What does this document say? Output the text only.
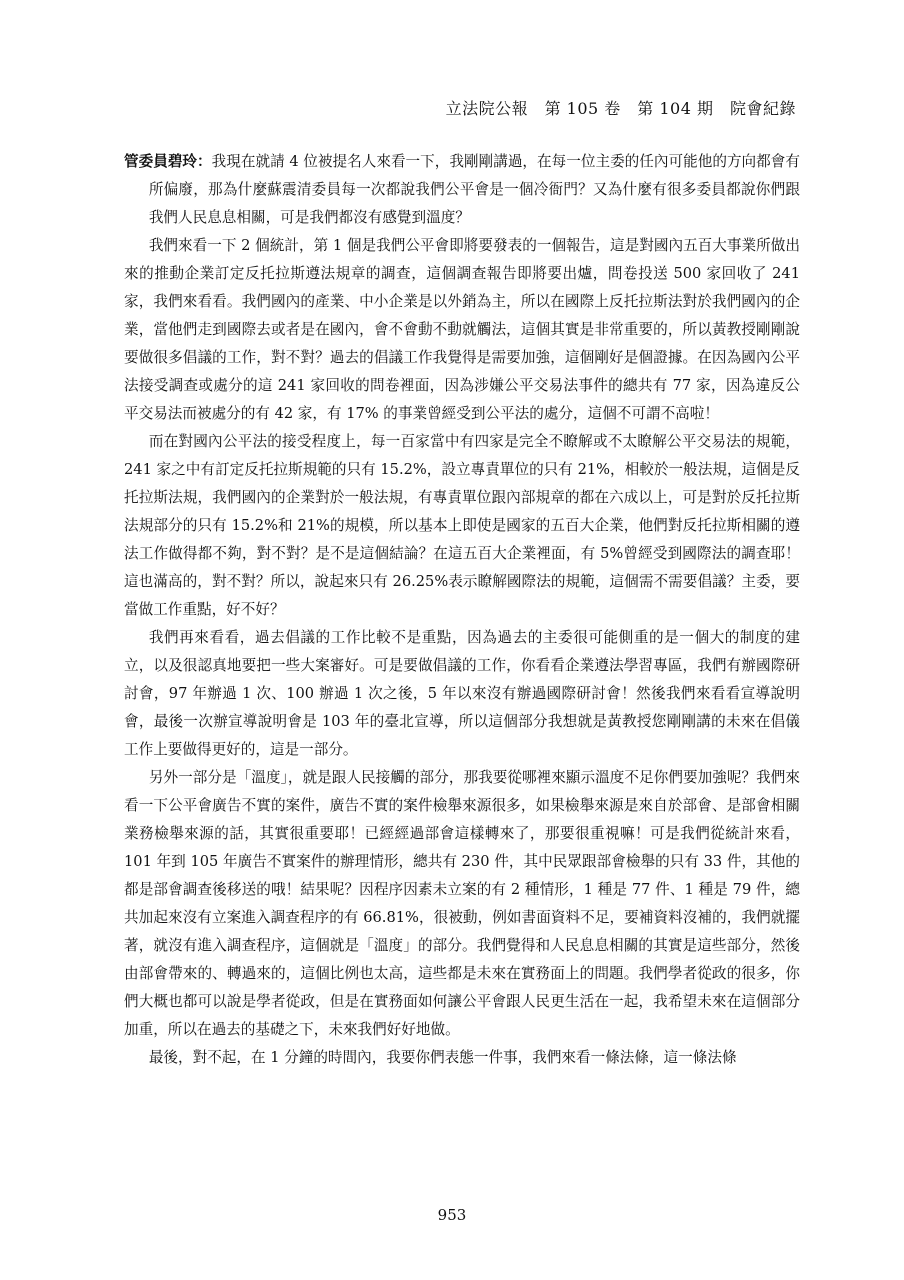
立法院公報　第 105 卷　第 104 期　院會紀錄

管委員碧玲：我現在就請 4 位被提名人來看一下，我剛剛講過，在每一位主委的任內可能他的方向都會有所偏廢，那為什麼蘇震清委員每一次都說我們公平會是一個冷衙門？又為什麼有很多委員都說你們跟我們人民息息相關，可是我們都沒有感覺到溫度？

我們來看一下 2 個統計，第 1 個是我們公平會即將要發表的一個報告，這是對國內五百大事業所做出來的推動企業訂定反托拉斯遵法規章的調查，這個調查報告即將要出爐，問卷投送 500 家回收了 241 家，我們來看看。我們國內的產業、中小企業是以外銷為主，所以在國際上反托拉斯法對於我們國內的企業，當他們走到國際去或者是在國內，會不會動不動就觸法，這個其實是非常重要的，所以黃教授剛剛說要做很多倡議的工作，對不對？過去的倡議工作我覺得是需要加強，這個剛好是個證據。在因為國內公平法接受調查或處分的這 241 家回收的問卷裡面，因為涉嫌公平交易法事件的總共有 77 家，因為違反公平交易法而被處分的有 42 家，有 17% 的事業曾經受到公平法的處分，這個不可謂不高啦！

而在對國內公平法的接受程度上，每一百家當中有四家是完全不瞭解或不太瞭解公平交易法的規範，241 家之中有訂定反托拉斯規範的只有 15.2%，設立專責單位的只有 21%，相較於一般法規，這個是反托拉斯法規，我們國內的企業對於一般法規，有專責單位跟內部規章的都在六成以上，可是對於反托拉斯法規部分的只有 15.2%和 21%的規模，所以基本上即使是國家的五百大企業，他們對反托拉斯相關的遵法工作做得都不夠，對不對？是不是這個結論？在這五百大企業裡面，有 5%曾經受到國際法的調查耶！這也滿高的，對不對？所以，說起來只有 26.25%表示瞭解國際法的規範，這個需不需要倡議？主委，要當做工作重點，好不好？

我們再來看看，過去倡議的工作比較不是重點，因為過去的主委很可能側重的是一個大的制度的建立，以及很認真地要把一些大案審好。可是要做倡議的工作，你看看企業遵法學習專區，我們有辦國際研討會，97 年辦過 1 次、100 辦過 1 次之後，5 年以來沒有辦過國際研討會！然後我們來看看宣導說明會，最後一次辦宣導說明會是 103 年的臺北宣導，所以這個部分我想就是黃教授您剛剛講的未來在倡儀工作上要做得更好的，這是一部分。

另外一部分是「溫度」，就是跟人民接觸的部分，那我要從哪裡來顯示溫度不足你們要加強呢？我們來看一下公平會廣告不實的案件，廣告不實的案件檢舉來源很多，如果檢舉來源是來自於部會、是部會相關業務檢舉來源的話，其實很重要耶！已經經過部會這樣轉來了，那要很重視嘛！可是我們從統計來看，101 年到 105 年廣告不實案件的辦理情形，總共有 230 件，其中民眾跟部會檢舉的只有 33 件，其他的都是部會調查後移送的哦！結果呢？因程序因素未立案的有 2 種情形，1 種是 77 件、1 種是 79 件，總共加起來沒有立案進入調查程序的有 66.81%，很被動，例如書面資料不足，要補資料沒補的，我們就擺著，就沒有進入調查程序，這個就是「溫度」的部分。我們覺得和人民息息相關的其實是這些部分，然後由部會帶來的、轉過來的，這個比例也太高，這些都是未來在實務面上的問題。我們學者從政的很多，你們大概也都可以說是學者從政，但是在實務面如何讓公平會跟人民更生活在一起，我希望未來在這個部分加重，所以在過去的基礎之下，未來我們好好地做。

最後，對不起，在 1 分鐘的時間內，我要你們表態一件事，我們來看一條法條，這一條法條

953
